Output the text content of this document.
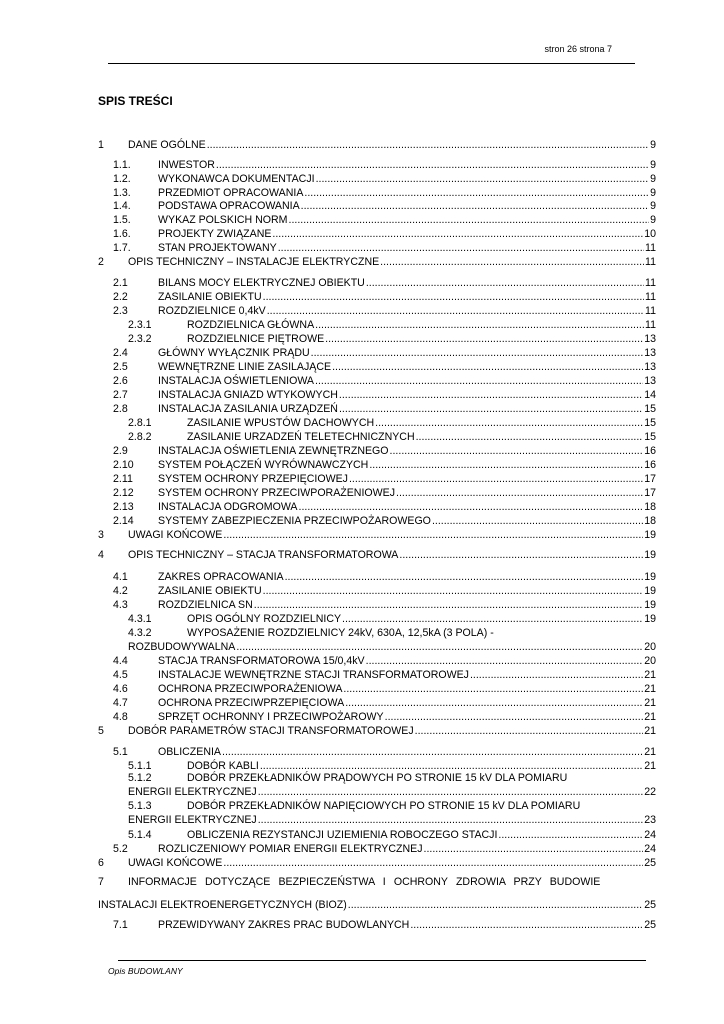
stron 26 strona 7
SPIS TREŚCI
1 DANE OGÓLNE .....	9
1.1.	INWESTOR .....	9
1.2.	WYKONAWCA DOKUMENTACJI .....	9
1.3.	PRZEDMIOT OPRACOWANIA .....	9
1.4.	PODSTAWA OPRACOWANIA .....	9
1.5.	WYKAZ POLSKICH NORM .....	9
1.6.	PROJEKTY ZWIĄZANE .....	10
1.7.	STAN PROJEKTOWANY .....	11
2 OPIS TECHNICZNY – INSTALACJE ELEKTRYCZNE .....	11
2.1	BILANS MOCY ELEKTRYCZNEJ OBIEKTU .....	11
2.2	ZASILANIE OBIEKTU .....	11
2.3	ROZDZIELNICE 0,4kV .....	11
2.3.1	ROZDZIELNICA GŁÓWNA .....	11
2.3.2	ROZDZIELNICE PIĘTROWE .....	13
2.4	GŁÓWNY WYŁĄCZNIK PRĄDU .....	13
2.5	WEWNĘTRZNE LINIE ZASILAJĄCE .....	13
2.6	INSTALACJA OŚWIETLENIOWA .....	13
2.7	INSTALACJA GNIAZD WTYKOWYCH .....	14
2.8	INSTALACJA ZASILANIA URZĄDZEŃ .....	15
2.8.1	ZASILANIE WPUSTÓW DACHOWYCH .....	15
2.8.2	ZASILANIE URZADZEŃ TELETECHNICZNYCH .....	15
2.9	INSTALACJA OŚWIETLENIA ZEWNĘTRZNEGO .....	16
2.10 SYSTEM POŁĄCZEŃ WYRÓWNAWCZYCH .....	16
2.11 SYSTEM OCHRONY PRZEPIĘCIOWEJ .....	17
2.12 SYSTEM OCHRONY PRZECIWPORAŻENIOWEJ .....	17
2.13 INSTALACJA ODGROMOWA .....	18
2.14 SYSTEMY ZABEZPIECZENIA PRZECIWPOŻAROWEGO .....	18
3 UWAGI KOŃCOWE .....	19
4 OPIS TECHNICZNY – STACJA TRANSFORMATOROWA .....	19
4.1	ZAKRES OPRACOWANIA .....	19
4.2	ZASILANIE OBIEKTU .....	19
4.3	ROZDZIELNICA SN .....	19
4.3.1	OPIS OGÓLNY ROZDZIELNICY .....	19
4.3.2	WYPOSAŻENIE ROZDZIELNICY 24kV, 630A, 12,5kA (3 POLA) -
ROZBUDOWYWALNA .....	20
4.4	STACJA TRANSFORMATOROWA 15/0,4kV .....	20
4.5	INSTALACJE WEWNĘTRZNE STACJI TRANSFORMATOROWEJ .....	21
4.6	OCHRONA PRZECIWPORAŻENIOWA .....	21
4.7	OCHRONA PRZECIWPRZEPIĘCIOWA .....	21
4.8	SPRZĘT OCHRONNY I PRZECIWPOŻAROWY .....	21
5 DOBÓR PARAMETRÓW STACJI TRANSFORMATOROWEJ .....	21
5.1	OBLICZENIA .....	21
5.1.1	DOBÓR KABLI .....	21
5.1.2	DOBÓR PRZEKŁADNIKÓW PRĄDOWYCH PO STRONIE 15 kV DLA POMIARU
ENERGII ELEKTRYCZNEJ .....	22
5.1.3	DOBÓR PRZEKŁADNIKÓW NAPIĘCIOWYCH PO STRONIE 15 kV DLA POMIARU
ENERGII ELEKTRYCZNEJ .....	23
5.1.4	OBLICZENIA REZYSTANCJI UZIEMIENIA ROBOCZEGO STACJI .....	24
5.2	ROZLICZENIOWY POMIAR ENERGII ELEKTRYCZNEJ .....	24
6 UWAGI KOŃCOWE .....	25
7 INFORMACJE DOTYCZĄCE BEZPIECZEŃSTWA I OCHRONY ZDROWIA PRZY BUDOWIE
INSTALACJI ELEKTROENERGETYCZNYCH (BIOZ) .....	25
7.1	PRZEWIDYWANY ZAKRES PRAC BUDOWLANYCH .....	25
Opis BUDOWLANY
